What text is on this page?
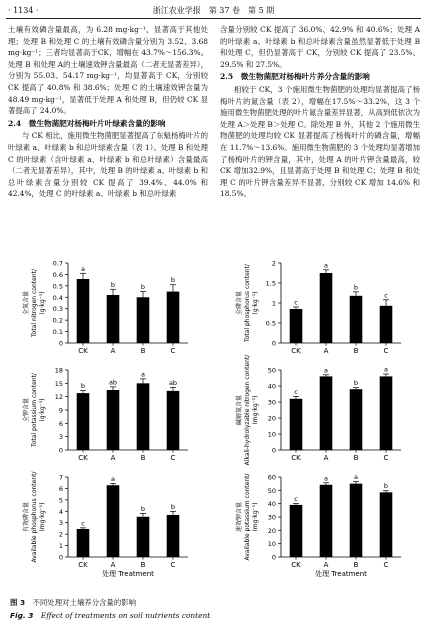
· 1134 ·	浙江农业学报　第 37 卷　第 5 期

土壤有效磷含量最高，为 6.28 mg·kg⁻¹，显著高于其他处理；处理 B 和处理 C 的土壤有效磷含量分别为 3.52、3.68 mg·kg⁻¹；三者均显著高于CK，增幅在 43.7%～156.3%。处理 B 和处理 A的土壤速效钾含量最高（二者无显著差异），分别为 55.03、54.17 mg·kg⁻¹，均显著高于 CK，分别较 CK 提高了 40.8% 和 38.6%；处理 C 的土壤速效钾含量为 48.49 mg·kg⁻¹，显著低于处理 A 和处理 B，但仍较 CK 显著提高了 24.0%。

2.4　微生物菌肥对杨梅叶片叶绿素含量的影响

与 CK 相比，施用微生物菌肥显著提高了东魁杨梅叶片的叶绿素 a、叶绿素 b 和总叶绿素含量（表 1）。处理 B 和处理 C 的叶绿素（含叶绿素 a、叶绿素 b 和总叶绿素）含量最高（二者无显著差异），其中，处理 B 的叶绿素 a、叶绿素 b 和总叶绿素含量分别较 CK 提高了 39.4%、44.0% 和 42.4%，处理 C 的叶绿素 a、叶绿素 b 和总叶绿素

含量分别较 CK 提高了 36.0%、42.9% 和 40.6%；处理 A 的叶绿素 a、叶绿素 b 和总叶绿素含量虽然显著低于处理 B 和处理 C，但仍显著高于 CK，分别较 CK 提高了 23.5%、29.5% 和 27.5%。

2.5　微生物菌肥对杨梅叶片养分含量的影响

相较于 CK，3 个施用微生物菌肥的处理均显著提高了杨梅叶片的氮含量（表 2），增幅在17.5%～33.2%，这 3 个施用微生物菌肥处理的叶片氮含量差异显著，从高到低依次为处理 A＞处理 B＞处理 C。除处理 B 外，其他 2 个施用微生物菌肥的处理均较 CK 显著提高了杨梅叶片的磷含量，增幅在 11.7%～13.6%。施用微生物菌肥的 3 个处理均显著增加了杨梅叶片的钾含量，其中，处理 A 的叶片钾含量最高，较 CK 增加32.9%，且显著高于处理 B 和处理 C；处理 B 和处理 C 的叶片钾含量差异不显著，分别较 CK 增加 14.6% 和 18.5%。

0
0.1
0.2
0.3
0.4
0.5
0.6
0.7
a
CK
b
A
b
B
b
C
全氮含量Total nitrogen content/(g·kg⁻¹)
0
0.5
1
1.5
2
c
CK
a
A
b
B
c
C
全磷含量Total phosphorus content/(g·kg⁻¹)
0
3
6
9
12
15
18
b
CK
ab
A
a
B
ab
C
全钾含量Total potassium content/(g·kg⁻¹)
0
10
20
30
40
50
c
CK
a
A
b
B
a
C
碱解氮含量Alkali-hydrolyzable nitrogen content/(mg·kg⁻¹)
0
1
2
3
4
5
6
7
c
CK
a
A
b
B
b
C
有效磷含量Available phosphorus content/(mg·kg⁻¹)
处理 Treatment
0
10
20
30
40
50
60
c
CK
a
A
a
B
b
C
速效钾含量Available potassium content/(mg·kg⁻¹)
处理 Treatment
图 3　 不同处理对土壤养分含量的影响
Fig. 3　 Effect of treatments on soil nutrients content
